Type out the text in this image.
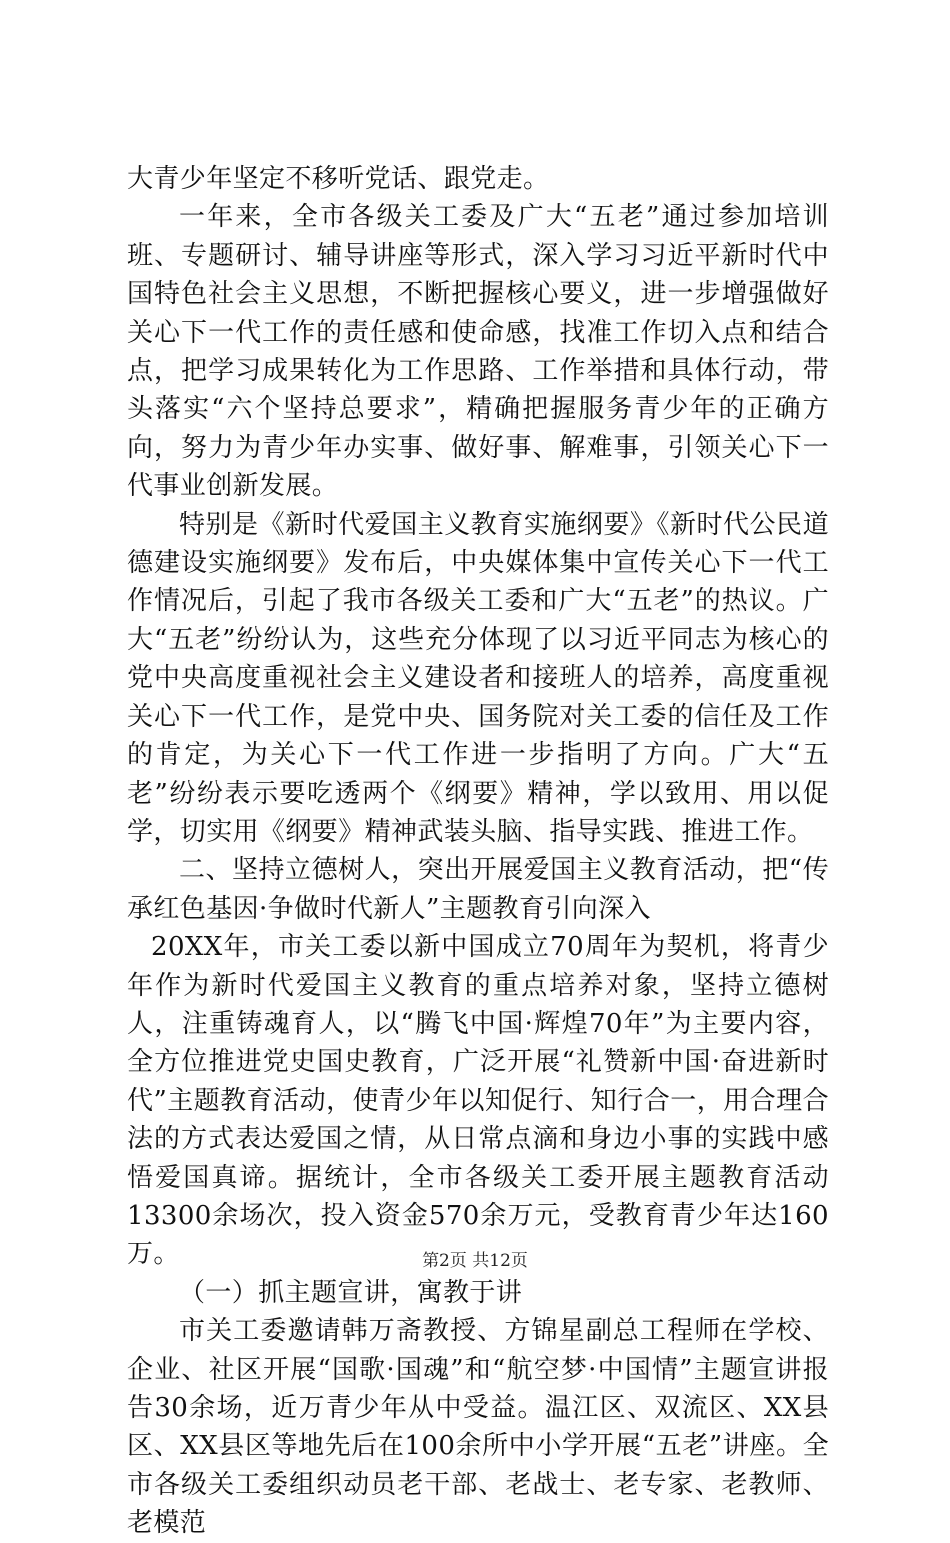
大青少年坚定不移听党话、跟党走。

一年来，全市各级关工委及广大“五老”通过参加培训班、专题研讨、辅导讲座等形式，深入学习习近平新时代中国特色社会主义思想，不断把握核心要义，进一步增强做好关心下一代工作的责任感和使命感，找准工作切入点和结合点，把学习成果转化为工作思路、工作举措和具体行动，带头落实“六个坚持总要求”，精确把握服务青少年的正确方向，努力为青少年办实事、做好事、解难事，引领关心下一代事业创新发展。

特别是《新时代爱国主义教育实施纲要》《新时代公民道德建设实施纲要》发布后，中央媒体集中宣传关心下一代工作情况后，引起了我市各级关工委和广大“五老”的热议。广大“五老”纷纷认为，这些充分体现了以习近平同志为核心的党中央高度重视社会主义建设者和接班人的培养，高度重视关心下一代工作，是党中央、国务院对关工委的信任及工作的肯定，为关心下一代工作进一步指明了方向。广大“五老”纷纷表示要吃透两个《纲要》精神，学以致用、用以促学，切实用《纲要》精神武装头脑、指导实践、推进工作。

二、坚持立德树人，突出开展爱国主义教育活动，把“传承红色基因·争做时代新人”主题教育引向深入

20XX年，市关工委以新中国成立70周年为契机，将青少年作为新时代爱国主义教育的重点培养对象，坚持立德树人，注重铸魂育人，以“腾飞中国·辉煌70年”为主要内容，全方位推进党史国史教育，广泛开展“礼赞新中国·奋进新时代”主题教育活动，使青少年以知促行、知行合一，用合理合法的方式表达爱国之情，从日常点滴和身边小事的实践中感悟爱国真谛。据统计，全市各级关工委开展主题教育活动13300余场次，投入资金570余万元，受教育青少年达160万。

（一）抓主题宣讲，寓教于讲

市关工委邀请韩万斋教授、方锦星副总工程师在学校、企业、社区开展“国歌·国魂”和“航空梦·中国情”主题宣讲报告30余场，近万青少年从中受益。温江区、双流区、XX县区、XX县区等地先后在100余所中小学开展“五老”讲座。全市各级关工委组织动员老干部、老战士、老专家、老教师、老模范

第2页 共12页
